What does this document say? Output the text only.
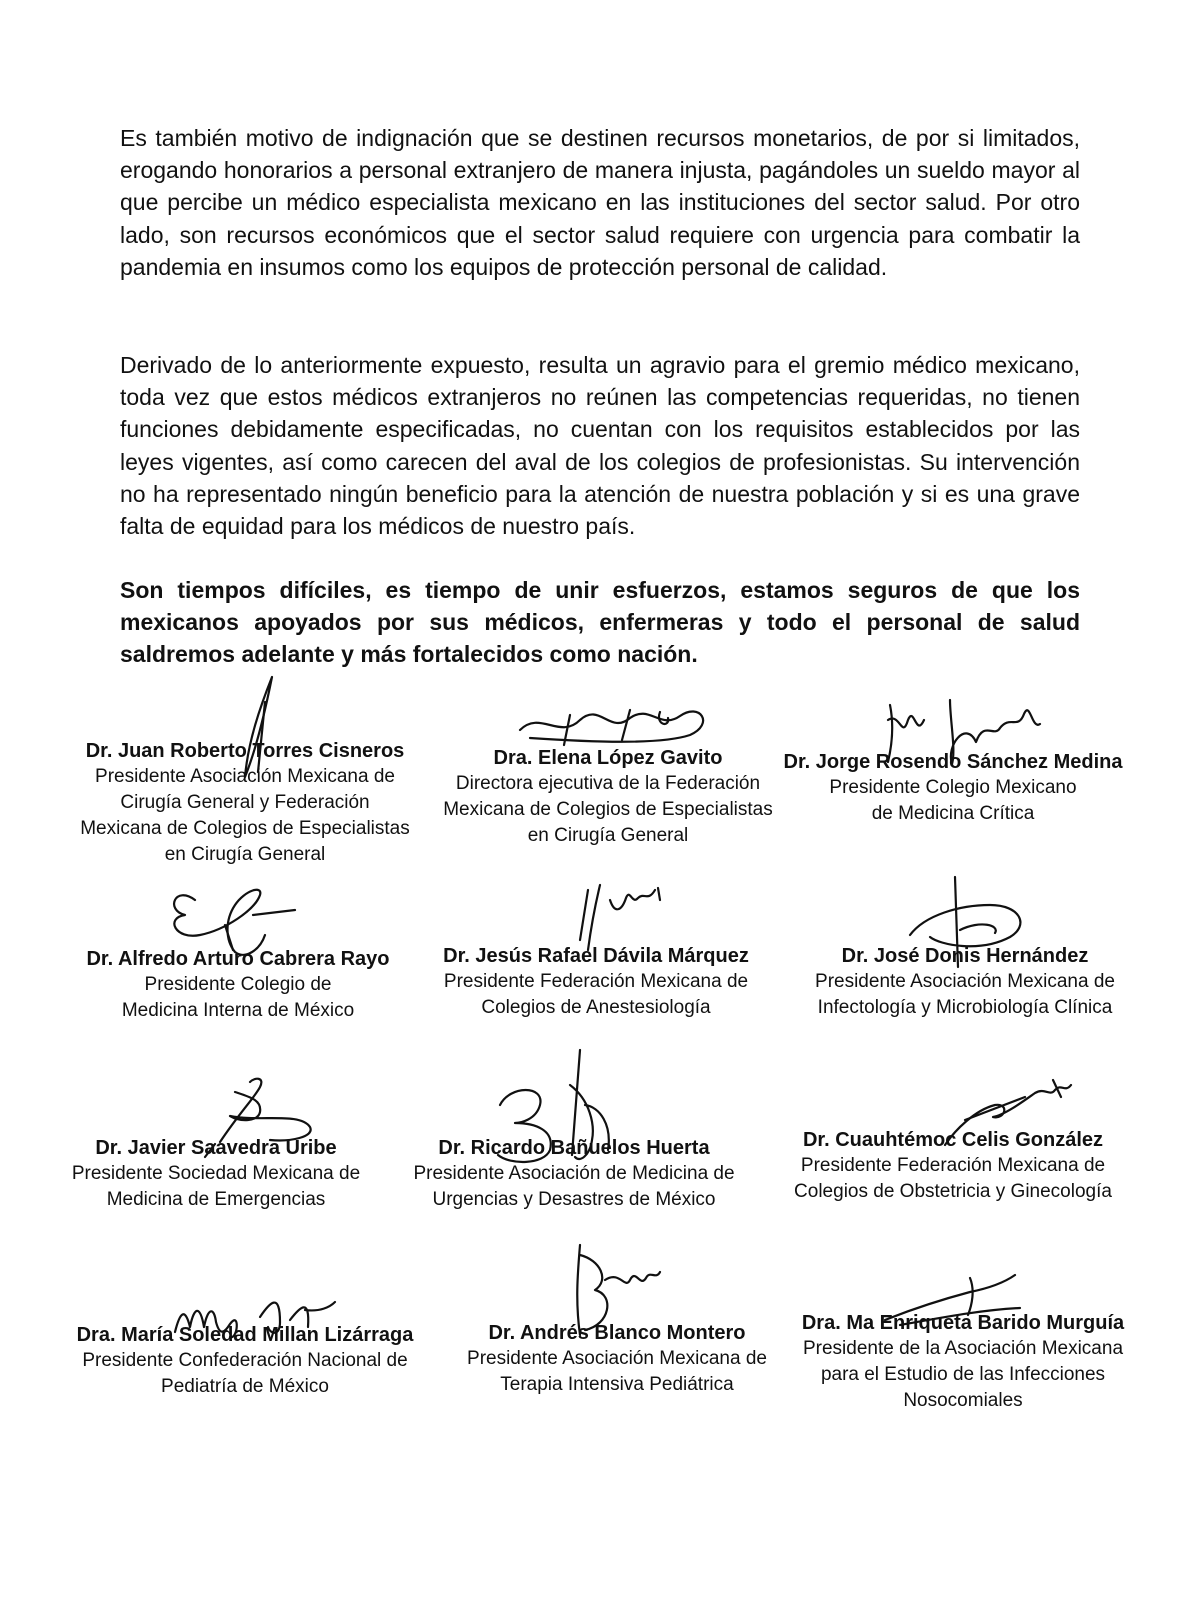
Es también motivo de indignación que se destinen recursos monetarios, de por si limitados, erogando honorarios a personal extranjero de manera injusta, pagándoles un sueldo mayor al que percibe un médico especialista mexicano en las instituciones del sector salud. Por otro lado, son recursos económicos que el sector salud requiere con urgencia para combatir la pandemia en insumos como los equipos de protección personal de calidad.

Derivado de lo anteriormente expuesto, resulta un agravio para el gremio médico mexicano, toda vez que estos médicos extranjeros no reúnen las competencias requeridas, no tienen funciones debidamente especificadas, no cuentan con los requisitos establecidos por las leyes vigentes, así como carecen del aval de los colegios de profesionistas. Su intervención no ha representado ningún beneficio para la atención de nuestra población y si es una grave falta de equidad para los médicos de nuestro país.

Son tiempos difíciles, es tiempo de unir esfuerzos, estamos seguros de que los mexicanos apoyados por sus médicos, enfermeras y todo el personal de salud saldremos adelante y más fortalecidos como nación.

Dr. Juan Roberto Torres Cisneros
Presidente Asociación Mexicana de
Cirugía General y Federación
Mexicana de Colegios de Especialistas
en Cirugía General
Dra. Elena López Gavito
Directora ejecutiva de la Federación
Mexicana de Colegios de Especialistas
en Cirugía General
Dr. Jorge Rosendo Sánchez Medina
Presidente Colegio Mexicano
de Medicina Crítica
Dr. Alfredo Arturo Cabrera Rayo
Presidente Colegio de
Medicina Interna de México
Dr. Jesús Rafael Dávila Márquez
Presidente Federación Mexicana de
Colegios de Anestesiología
Dr. José Donis Hernández
Presidente Asociación Mexicana de
Infectología y Microbiología Clínica
Dr. Javier Saavedra Uribe
Presidente Sociedad Mexicana de
Medicina de Emergencias
Dr. Ricardo Bañuelos Huerta
Presidente Asociación de Medicina de
Urgencias y Desastres de México
Dr. Cuauhtémoc Celis González
Presidente Federación Mexicana de
Colegios de Obstetricia y Ginecología
Dra. María Soledad Millan Lizárraga
Presidente Confederación Nacional de
Pediatría de México
Dr. Andrés Blanco Montero
Presidente Asociación Mexicana de
Terapia Intensiva Pediátrica
Dra. Ma Enriqueta Barido Murguía
Presidente de la Asociación Mexicana
para el Estudio de las Infecciones
Nosocomiales
